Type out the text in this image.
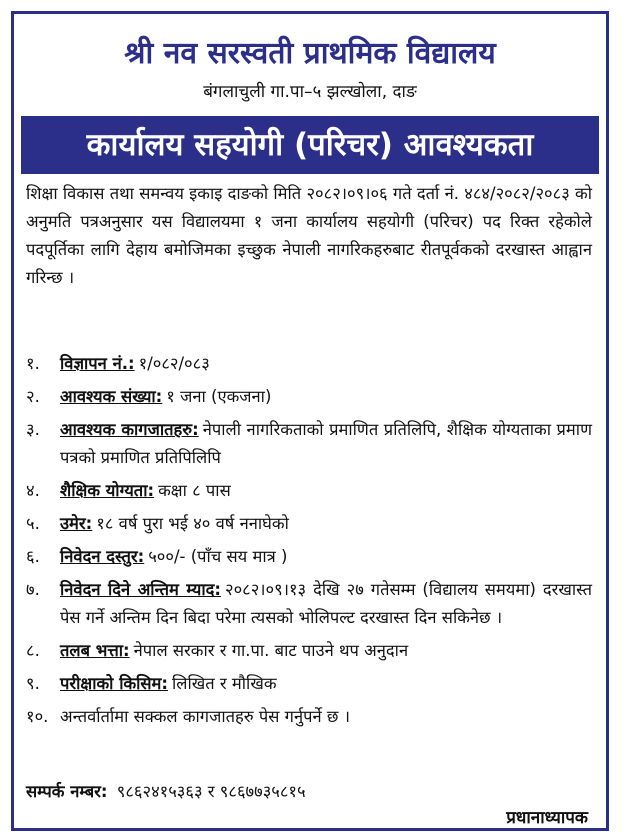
श्री नव सरस्वती प्राथमिक विद्यालय
बंगलाचुली गा.पा–५ झल्खोला, दाङ
कार्यालय सहयोगी (परिचर) आवश्यकता
शिक्षा विकास तथा समन्वय इकाइ दाङको मिति २०८२।०९।०६ गते दर्ता नं. ४८४/२०८२/२०८३ को अनुमति पत्रअनुसार यस विद्यालयमा १ जना कार्यालय सहयोगी (परिचर) पद रिक्त रहेकोले पदपूर्तिका लागि देहाय बमोजिमका इच्छुक नेपाली नागरिकहरुबाट रीतपूर्वकको दरखास्त आह्वान गरिन्छ ।
१.	विज्ञापन नं.: १/०८२/०८३
२.	आवश्यक संख्या: १ जना (एकजना)
३.	आवश्यक कागजातहरु: नेपाली नागरिकताको प्रमाणित प्रतिलिपि, शैक्षिक योग्यताका प्रमाण पत्रको प्रमाणित प्रतिपिलिपि
४.	शैक्षिक योग्यता: कक्षा ८ पास
५.	उमेर: १८ वर्ष पुरा भई ४० वर्ष ननाघेको
६.	निवेदन दस्तुर: ५००/- (पाँच सय मात्र )
७.	निवेदन दिने अन्तिम म्याद: २०८२।०९।१३ देखि २७ गतेसम्म (विद्यालय समयमा) दरखास्त पेस गर्ने अन्तिम दिन बिदा परेमा त्यसको भोलिपल्ट दरखास्त दिन सकिनेछ ।
८.	तलब भत्ता: नेपाल सरकार र गा.पा. बाट पाउने थप अनुदान
९.	परीक्षाको किसिम: लिखित र मौखिक
१०. अन्तर्वार्तामा सक्कल कागजातहरु पेस गर्नुपर्ने छ ।
सम्पर्क नम्बर: ९८६२४१५३६३ र ९८६७७३५८१५
प्रधानाध्यापक
